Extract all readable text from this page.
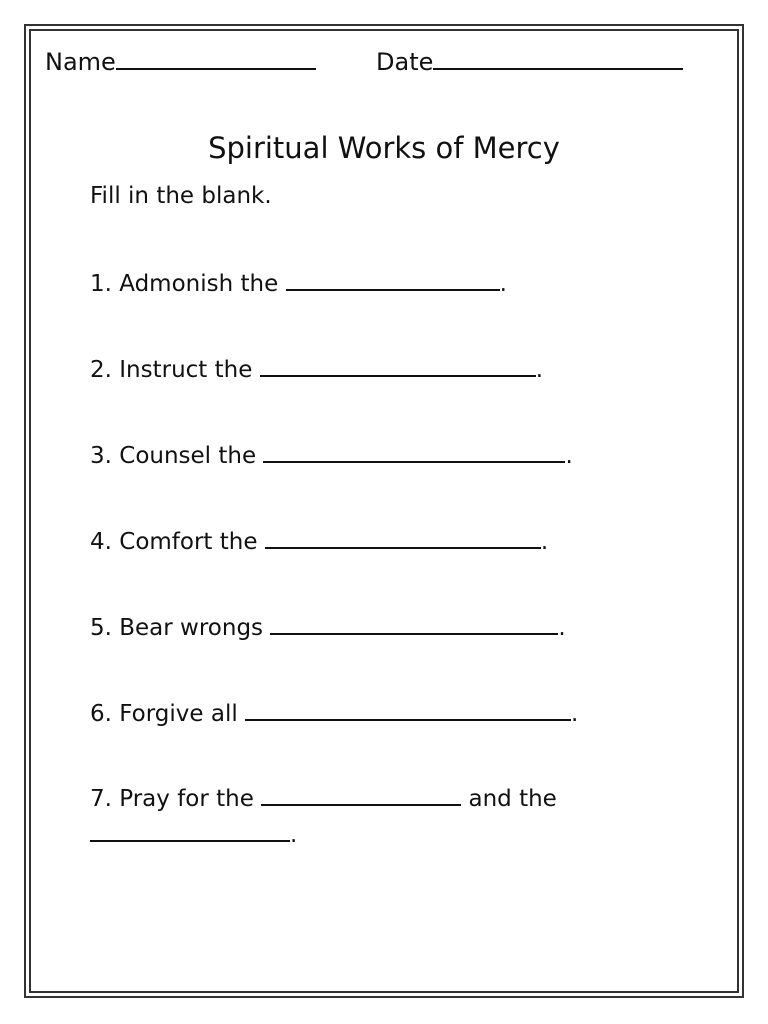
Name	Date
Spiritual Works of Mercy
Fill in the blank.
1. Admonish the	.
2. Instruct the	.
3. Counsel the	.
4. Comfort the	.
5. Bear wrongs	.
6. Forgive all	.
7. Pray for the	and the
.
